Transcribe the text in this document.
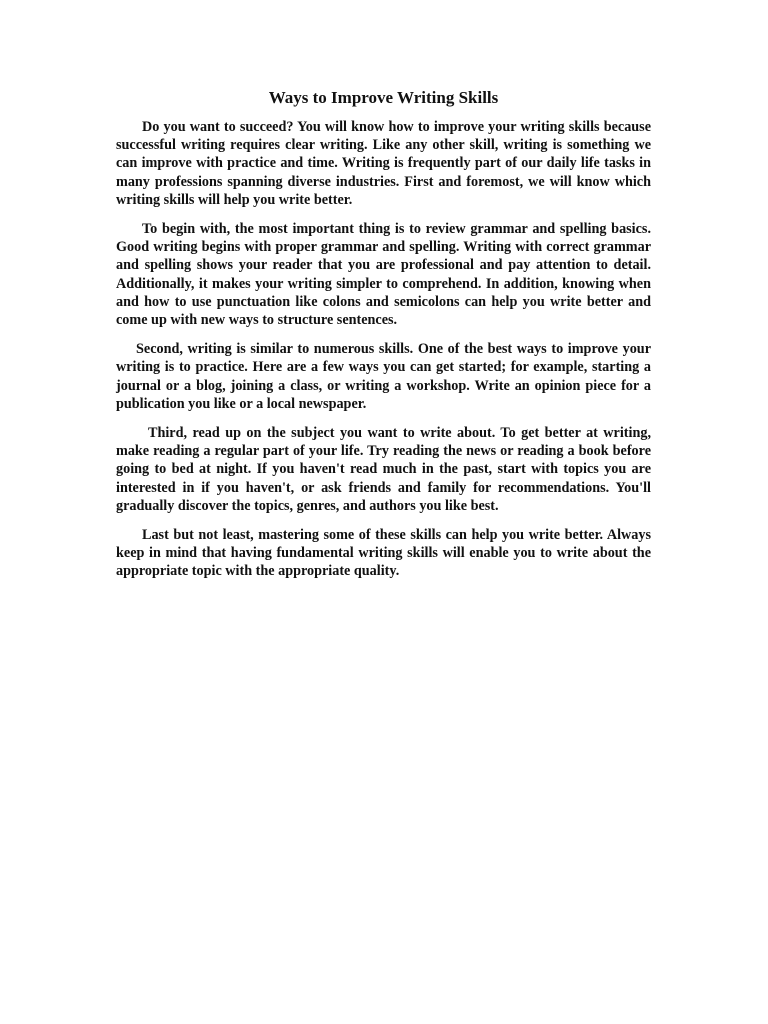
Ways to Improve Writing Skills

Do you want to succeed? You will know how to improve your writing skills because successful writing requires clear writing. Like any other skill, writing is something we can improve with practice and time. Writing is frequently part of our daily life tasks in many professions spanning diverse industries. First and foremost, we will know which writing skills will help you write better.

To begin with, the most important thing is to review grammar and spelling basics. Good writing begins with proper grammar and spelling. Writing with correct grammar and spelling shows your reader that you are professional and pay attention to detail. Additionally, it makes your writing simpler to comprehend. In addition, knowing when and how to use punctuation like colons and semicolons can help you write better and come up with new ways to structure sentences.

Second, writing is similar to numerous skills. One of the best ways to improve your writing is to practice. Here are a few ways you can get started; for example, starting a journal or a blog, joining a class, or writing a workshop. Write an opinion piece for a publication you like or a local newspaper.

Third, read up on the subject you want to write about. To get better at writing, make reading a regular part of your life. Try reading the news or reading a book before going to bed at night. If you haven't read much in the past, start with topics you are interested in if you haven't, or ask friends and family for recommendations. You'll gradually discover the topics, genres, and authors you like best.

Last but not least, mastering some of these skills can help you write better. Always keep in mind that having fundamental writing skills will enable you to write about the appropriate topic with the appropriate quality.
